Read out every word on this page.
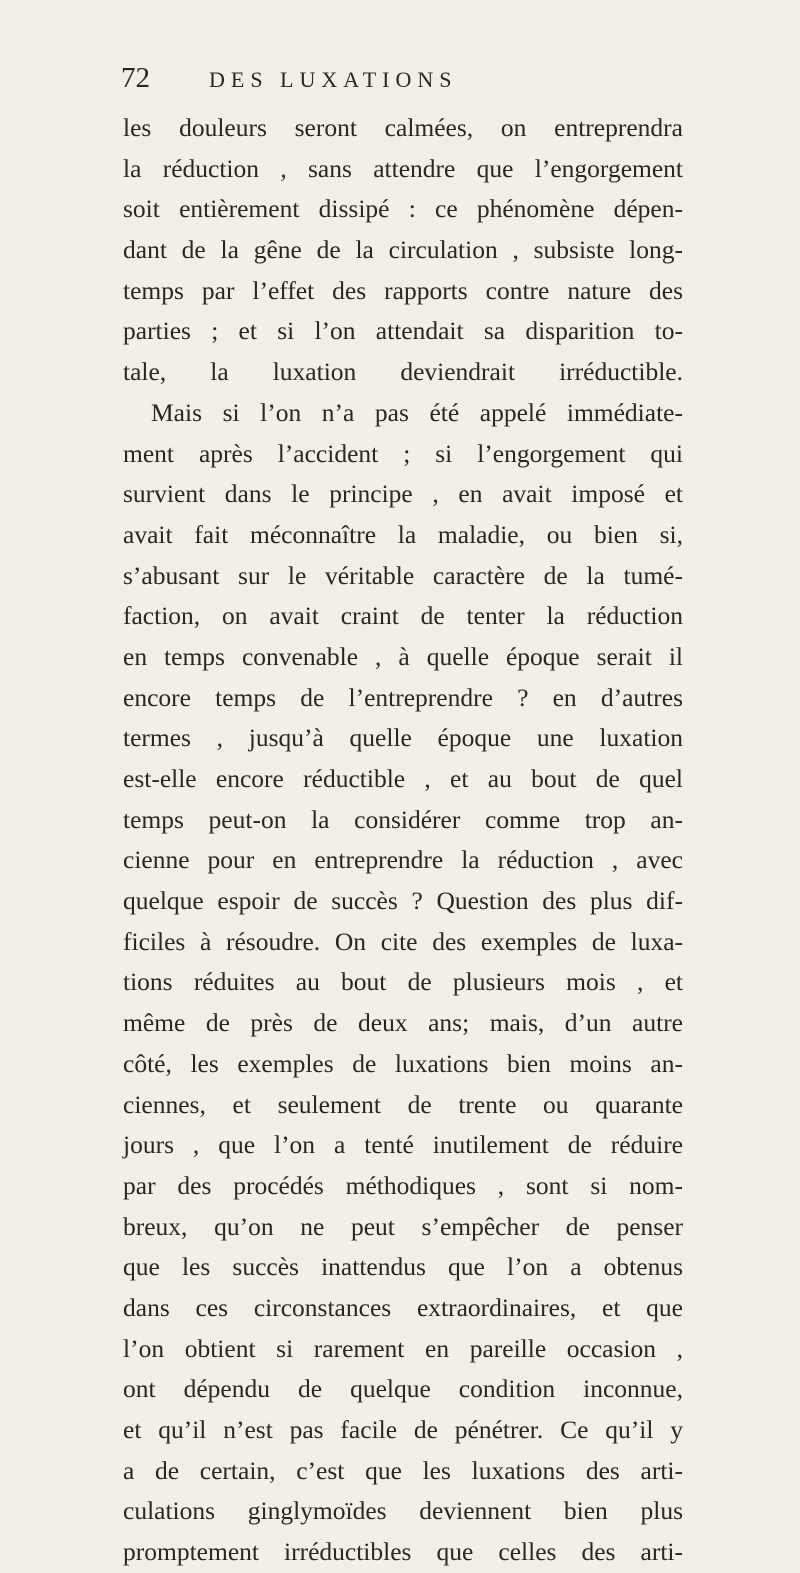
72	DES LUXATIONS
les douleurs seront calmées, on entreprendra
la réduction , sans attendre que l’engorgement
soit entièrement dissipé : ce phénomène dépen-
dant de la gêne de la circulation , subsiste long-
temps par l’effet des rapports contre nature des
parties ; et si l’on attendait sa disparition to-
tale, la luxation deviendrait irréductible.
Mais si l’on n’a pas été appelé immédiate-
ment après l’accident ; si l’engorgement qui
survient dans le principe , en avait imposé et
avait fait méconnaître la maladie, ou bien si,
s’abusant sur le véritable caractère de la tumé-
faction, on avait craint de tenter la réduction
en temps convenable , à quelle époque serait il
encore temps de l’entreprendre ? en d’autres
termes , jusqu’à quelle époque une luxation
est-elle encore réductible , et au bout de quel
temps peut-on la considérer comme trop an-
cienne pour en entreprendre la réduction , avec
quelque espoir de succès ? Question des plus dif-
ficiles à résoudre. On cite des exemples de luxa-
tions réduites au bout de plusieurs mois , et
même de près de deux ans; mais, d’un autre
côté, les exemples de luxations bien moins an-
ciennes, et seulement de trente ou quarante
jours , que l’on a tenté inutilement de réduire
par des procédés méthodiques , sont si nom-
breux, qu’on ne peut s’empêcher de penser
que les succès inattendus que l’on a obtenus
dans ces circonstances extraordinaires, et que
l’on obtient si rarement en pareille occasion ,
ont dépendu de quelque condition inconnue,
et qu’il n’est pas facile de pénétrer. Ce qu’il y
a de certain, c’est que les luxations des arti-
culations ginglymoïdes deviennent bien plus
promptement irréductibles que celles des arti-
